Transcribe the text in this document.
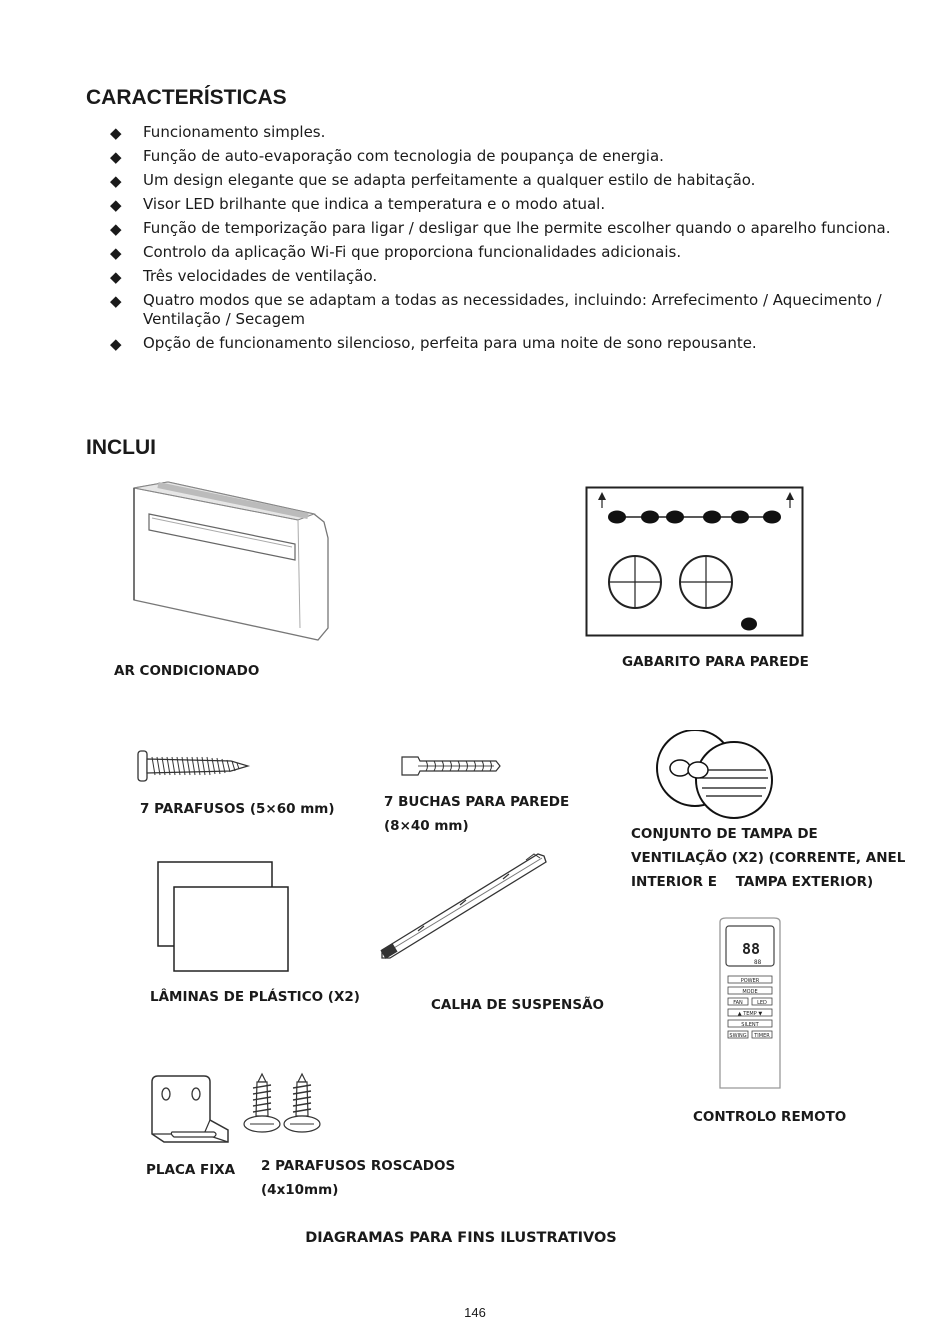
CARACTERÍSTICAS
◆ Funcionamento simples.
◆ Função de auto-evaporação com tecnologia de poupança de energia.
◆ Um design elegante que se adapta perfeitamente a qualquer estilo de habitação.
◆ Visor LED brilhante que indica a temperatura e o modo atual.
◆ Função de temporização para ligar / desligar que lhe permite escolher quando o aparelho funciona.
◆ Controlo da aplicação Wi-Fi que proporciona funcionalidades adicionais.
◆ Três velocidades de ventilação.
◆ Quatro modos que se adaptam a todas as necessidades, incluindo: Arrefecimento / Aquecimento / Ventilação / Secagem
◆ Opção de funcionamento silencioso, perfeita para uma noite de sono repousante.
INCLUI
AR CONDICIONADO
GABARITO PARA PAREDE
7 PARAFUSOS (5×60 mm)	7 BUCHAS PARA PAREDE
(8×40 mm)	CONJUNTO DE TAMPA DE
VENTILAÇÃO (X2) (CORRENTE, ANEL
INTERIOR E    TAMPA EXTERIOR)
88
88
POWER
MODE
FAN	LED
▲ TEMP ▼
SILENT
SWING TIMER
LÂMINAS DE PLÁSTICO (X2)	CALHA DE SUSPENSÃO
CONTROLO REMOTO
PLACA FIXA 2 PARAFUSOS ROSCADOS
(4x10mm)
DIAGRAMAS PARA FINS ILUSTRATIVOS
146
